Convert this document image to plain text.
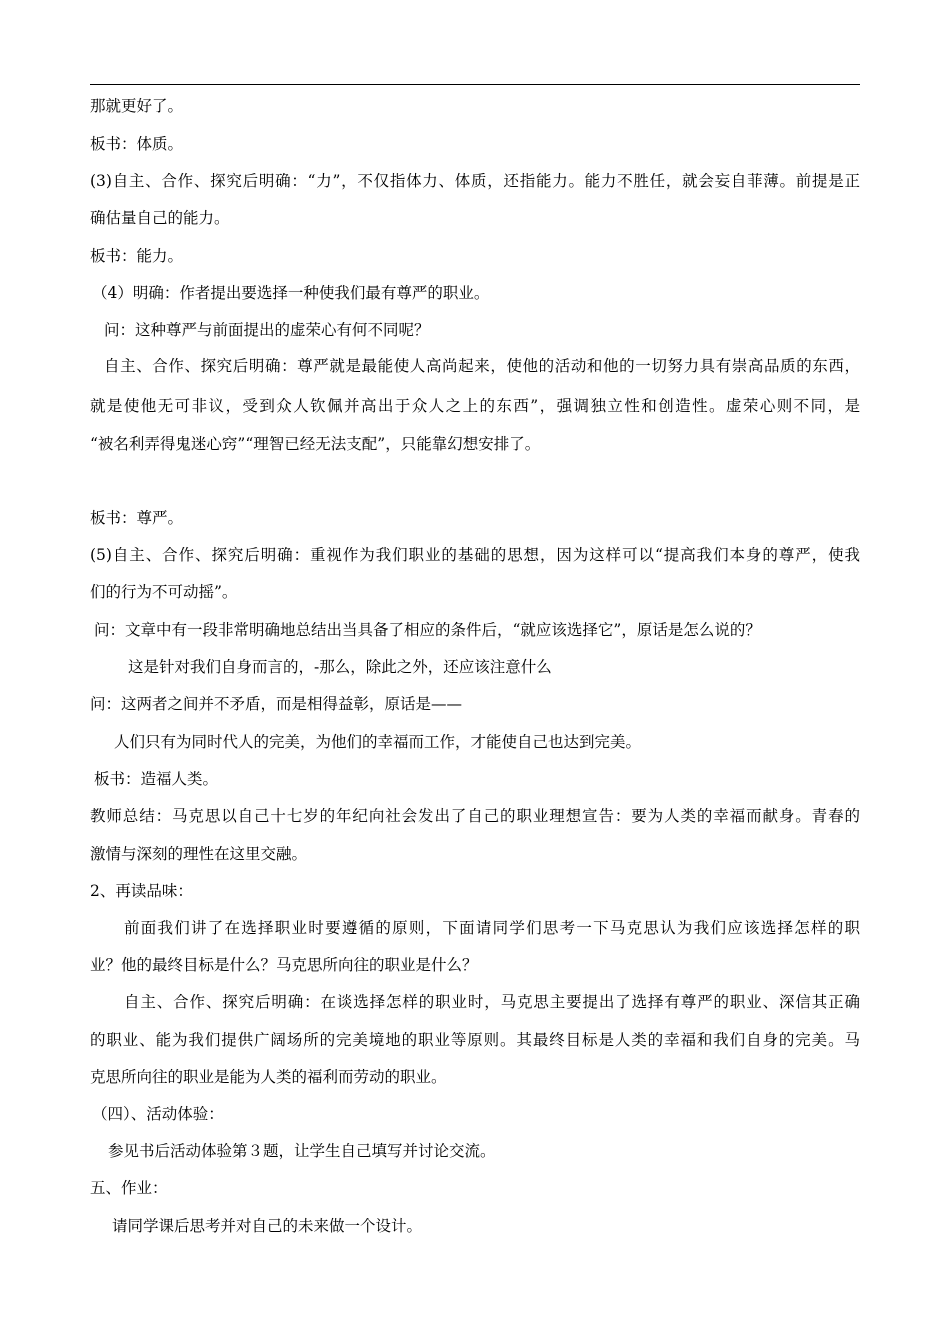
那就更好了。
板书：体质。
(3)自主、合作、探究后明确：“力”，不仅指体力、体质，还指能力。能力不胜任，就会妄自菲薄。前提是正
确估量自己的能力。
板书：能力。
（4）明确：作者提出要选择一种使我们最有尊严的职业。
问：这种尊严与前面提出的虚荣心有何不同呢？
自主、合作、探究后明确：尊严就是最能使人高尚起来，使他的活动和他的一切努力具有崇高品质的东西，
就是使他无可非议，受到众人钦佩并高出于众人之上的东西”，强调独立性和创造性。虚荣心则不同，是
“被名利弄得鬼迷心窍”“理智已经无法支配”，只能靠幻想安排了。
板书：尊严。
(5)自主、合作、探究后明确：重视作为我们职业的基础的思想，因为这样可以“提高我们本身的尊严，使我
们的行为不可动摇”。
问：文章中有一段非常明确地总结出当具备了相应的条件后，“就应该选择它”，原话是怎么说的？
这是针对我们自身而言的，-那么，除此之外，还应该注意什么
问：这两者之间并不矛盾，而是相得益彰，原话是——
人们只有为同时代人的完美，为他们的幸福而工作，才能使自己也达到完美。
板书：造福人类。
教师总结：马克思以自己十七岁的年纪向社会发出了自己的职业理想宣告：要为人类的幸福而献身。青春的
激情与深刻的理性在这里交融。
2、再读品味：
前面我们讲了在选择职业时要遵循的原则，下面请同学们思考一下马克思认为我们应该选择怎样的职
业？他的最终目标是什么？马克思所向往的职业是什么？
自主、合作、探究后明确：在谈选择怎样的职业时，马克思主要提出了选择有尊严的职业、深信其正确
的职业、能为我们提供广阔场所的完美境地的职业等原则。其最终目标是人类的幸福和我们自身的完美。马
克思所向往的职业是能为人类的福利而劳动的职业。
（四）、活动体验：
参见书后活动体验第３题，让学生自己填写并讨论交流。
五、作业：
请同学课后思考并对自己的未来做一个设计。
